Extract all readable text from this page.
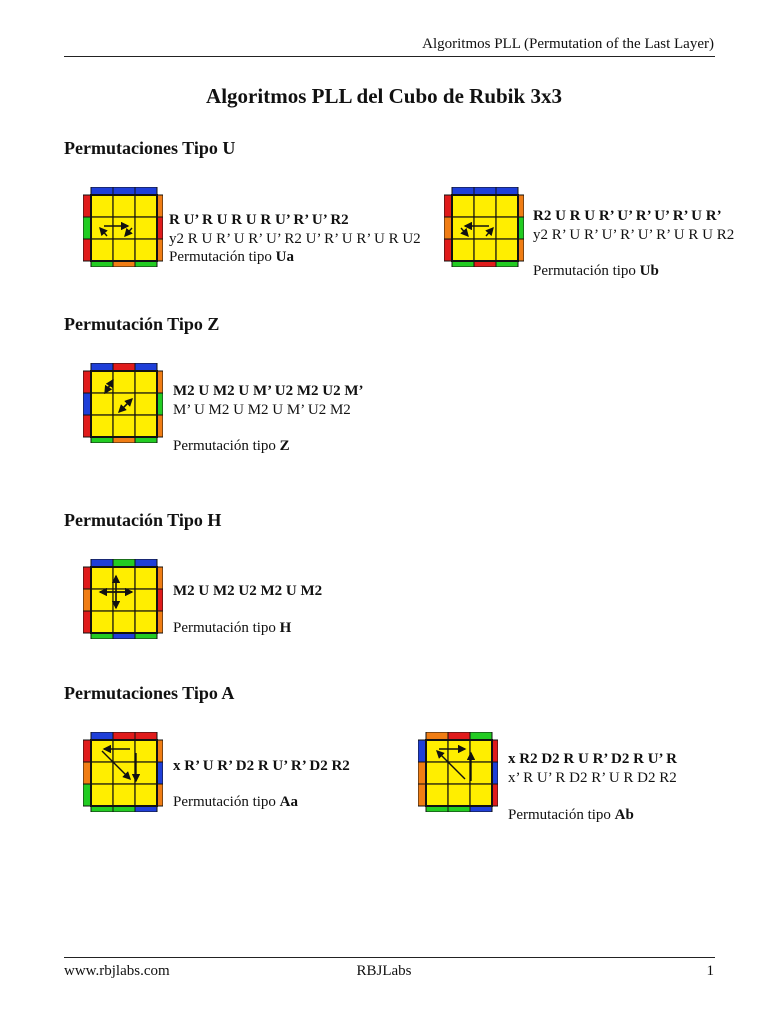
Algoritmos PLL (Permutation of the Last Layer)
Algoritmos PLL del Cubo de Rubik 3x3
Permutaciones Tipo U
R U’ R U R U R U’ R’ U’ R2
y2 R U R’ U R’ U’ R2 U’ R’ U R’ U R U2
Permutación tipo Ua
R2 U R U R’ U’ R’ U’ R’ U R’
y2 R’ U R’ U’ R’ U’ R’ U R U R2
Permutación tipo Ub
Permutación Tipo Z
M2 U M2 U M’ U2 M2 U2 M’
M’ U M2 U M2 U M’ U2 M2
Permutación tipo Z
Permutación Tipo H
M2 U M2 U2 M2 U M2
Permutación tipo H
Permutaciones Tipo A
x R’ U R’ D2 R U’ R’ D2 R2
Permutación tipo Aa
x R2 D2 R U R’ D2 R U’ R
x’ R U’ R D2 R’ U R D2 R2
Permutación tipo Ab
www.rbjlabs.com	RBJLabs	1
